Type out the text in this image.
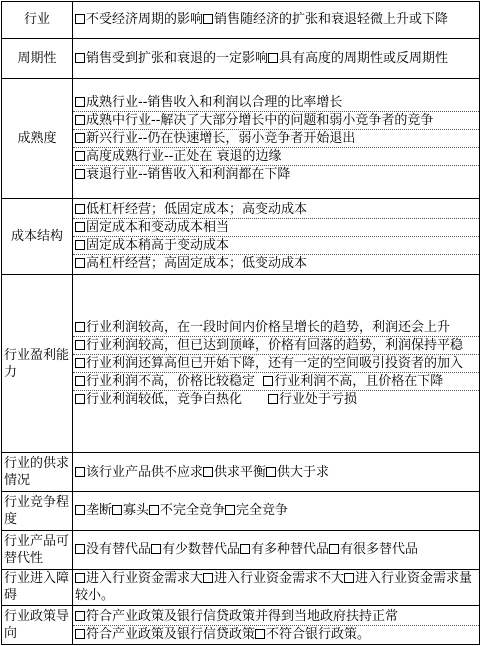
行业	不受经济周期的影响 销售随经济的扩张和衰退轻微上升或下降

周期性	销售受到扩张和衰退的一定影响 具有高度的周期性或反周期性

成熟度	成熟行业--销售收入和利润以合理的比率增长
成熟中行业--解决了大部分增长中的问题和弱小竞争者的竞争
新兴行业--仍在快速增长，弱小竞争者开始退出
高度成熟行业--正处在 衰退的边缘
衰退行业--销售收入和利润都在下降

成本结构	低杠杆经营；低固定成本；高变动成本
固定成本和变动成本相当
固定成本稍高于变动成本
高杠杆经营；高固定成本；低变动成本

行业盈利能力	行业利润较高，在一段时间内价格呈增长的趋势，利润还会上升
行业利润较高，但已达到顶峰，价格有回落的趋势，利润保持平稳
行业利润还算高但已开始下降，还有一定的空间吸引投资者的加入
行业利润不高，价格比较稳定 行业利润不高，且价格在下降
行业利润较低，竞争白热化 行业处于亏损

行业的供求情况	该行业产品供不应求 供求平衡 供大于求

行业竞争程度	垄断 寡头 不完全竞争 完全竞争

行业产品可替代性	没有替代品 有少数替代品 有多种替代品 有很多替代品

行业进入障碍	进入行业资金需求大 进入行业资金需求不大 进入行业资金需求量较小。

行业政策导向	符合产业政策及银行信贷政策并得到当地政府扶持正常
符合产业政策及银行信贷政策 不符合银行政策。
